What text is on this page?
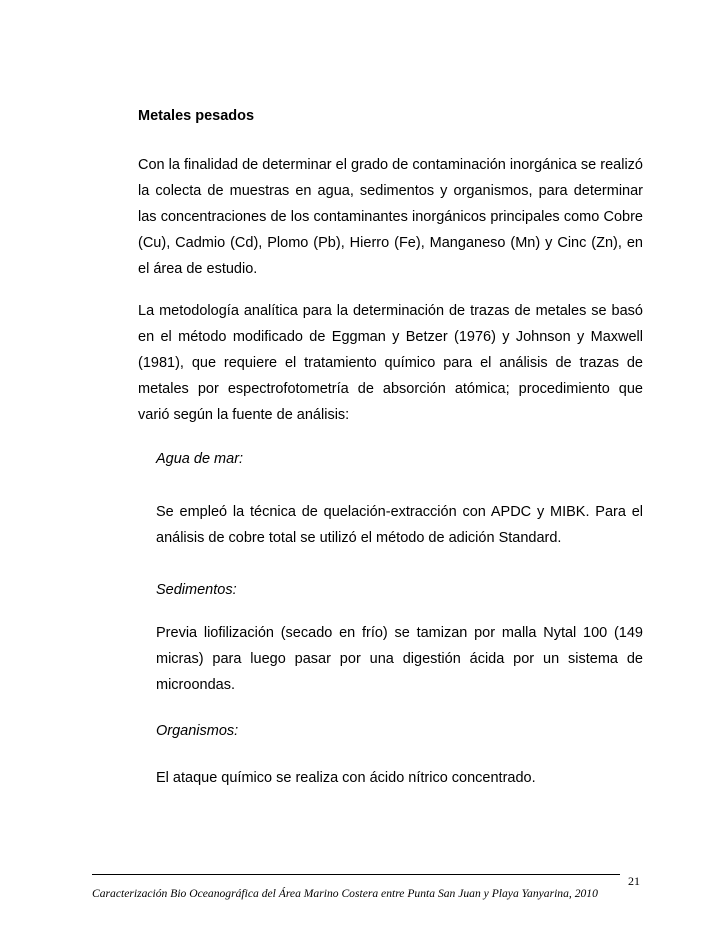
Metales pesados

Con la finalidad de determinar el grado de contaminación inorgánica se realizó la colecta de muestras en agua, sedimentos y organismos, para determinar las concentraciones de los contaminantes inorgánicos principales como Cobre (Cu), Cadmio (Cd), Plomo (Pb), Hierro (Fe), Manganeso (Mn) y Cinc (Zn), en el área de estudio.

La metodología analítica para la determinación de trazas de metales se basó en el método modificado de Eggman y Betzer (1976) y Johnson y Maxwell (1981), que requiere el tratamiento químico para el análisis de trazas de metales por espectrofotometría de absorción atómica; procedimiento que varió según la fuente de análisis:

Agua de mar:

Se empleó la técnica de quelación-extracción con APDC y MIBK. Para el análisis de cobre total se utilizó el método de adición Standard.

Sedimentos:

Previa liofilización (secado en frío) se tamizan por malla Nytal 100 (149 micras) para luego pasar por una digestión ácida por un sistema de microondas.

Organismos:

El ataque químico se realiza con ácido nítrico concentrado.

21
Caracterización Bio Oceanográfica del Área Marino Costera entre Punta San Juan y Playa Yanyarina, 2010
